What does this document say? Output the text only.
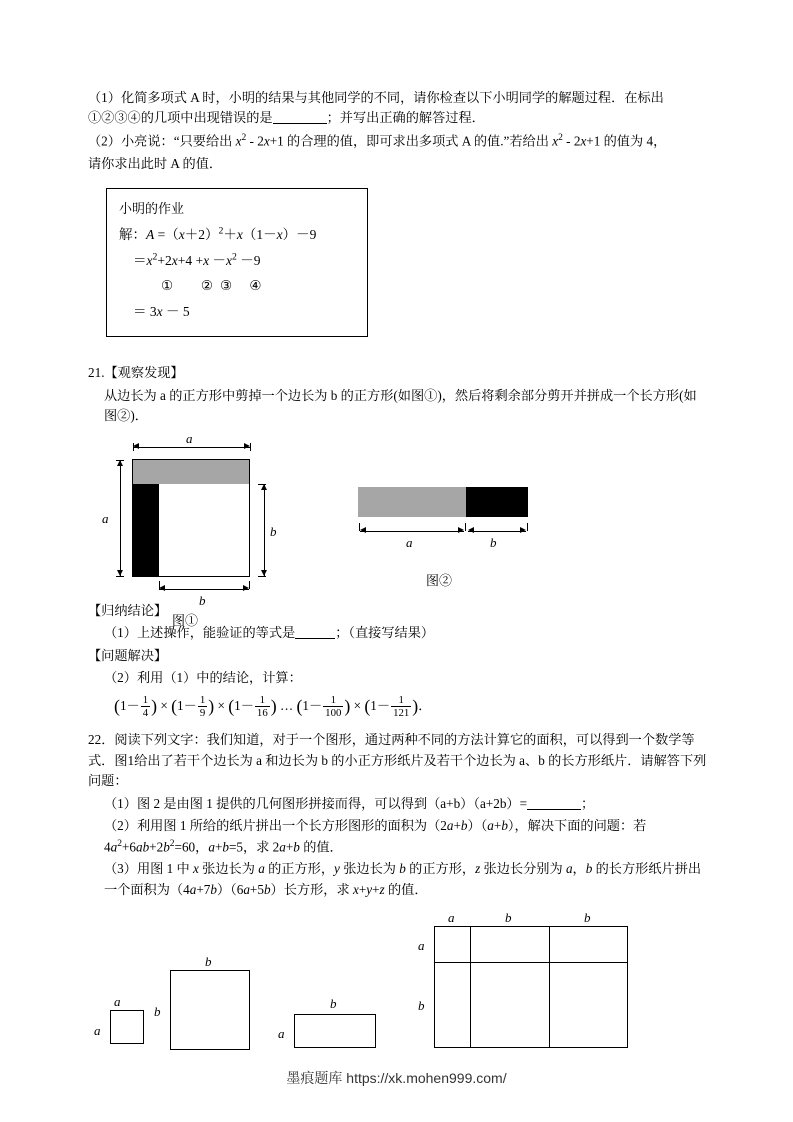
（1）化简多项式 A 时，小明的结果与其他同学的不同，请你检查以下小明同学的解题过程．在标出①②③④的几项中出现错误的是	；并写出正确的解答过程．

（2）小亮说：“只要给出 $x^2 - 2x+1$ 的合理的值，即可求出多项式 A 的值.”若给出 $x^2 - 2x+1$ 的值为 4，

请你求出此时 A 的值．

小明的作业
解：$A =(x+2)^2+x(1-x)-9$
$=x^2+2x+4 +x -x^2 -9$
①  ②③ ④
＝ 3x － 5

21.【观察发现】

从边长为 a 的正方形中剪掉一个边长为 b 的正方形(如图①)，然后将剩余部分剪开并拼成一个长方形(如图②)．

a
a
b
b
图①
a	b
图②

【归纳结论】

（1）上述操作，能验证的等式是	；（直接写结果）

【问题解决】

（2）利用（1）中的结论，计算：

($1- \frac{1}{4}$ ) × ($1- \frac{1}{9}$ ) × ($1- \frac{1}{16}$ ) … ($1- \frac{1}{100}$ ) × ($1- \frac{1}{121}$ )．

22．阅读下列文字：我们知道，对于一个图形，通过两种不同的方法计算它的面积，可以得到一个数学等式．图1给出了若干个边长为 a 和边长为 b 的小正方形纸片及若干个边长为 a、b 的长方形纸片．请解答下列问题：

（1）图 2 是由图 1 提供的几何图形拼接而得，可以得到（a+b）（a+2b）=	；

（2）利用图 1 所给的纸片拼出一个长方形图形的面积为（2a+b）（a+b），解决下面的问题：若 $4a^2+6ab+2b^2=60$，a+b=5，求 2a+b 的值．

（3）用图 1 中 x 张边长为 a 的正方形，y 张边长为 b 的正方形，z 张边长分别为 a，b 的长方形纸片拼出一个面积为（4a+7b）（6a+5b）长方形，求 x+y+z 的值．

a
a
b
b
b
a
a	b	b
a
b
墨痕题库 https://xk.mohen999.com/
